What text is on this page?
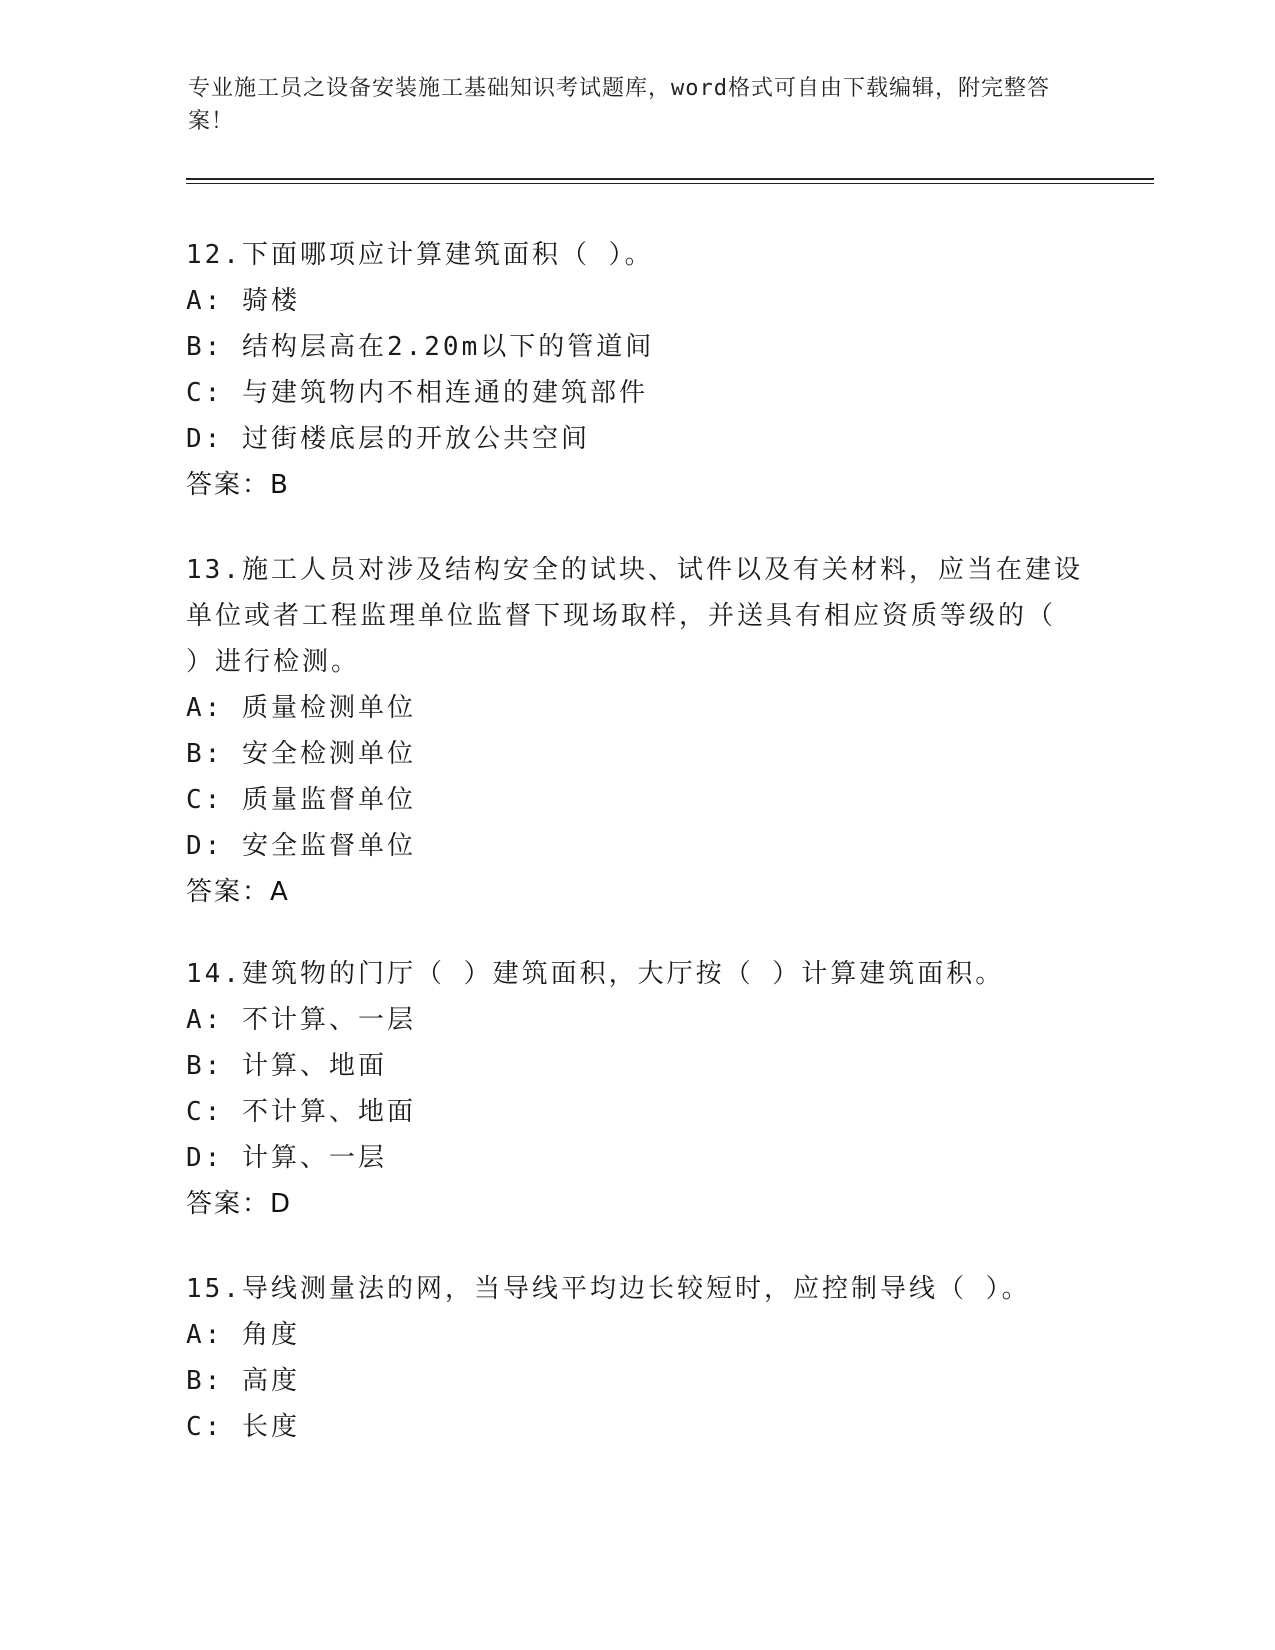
专业施工员之设备安装施工基础知识考试题库，word格式可自由下载编辑，附完整答案！

12.下面哪项应计算建筑面积（ ）。

A: 骑楼

B: 结构层高在2.20m以下的管道间

C: 与建筑物内不相连通的建筑部件

D: 过街楼底层的开放公共空间

答案：B

13.施工人员对涉及结构安全的试块、试件以及有关材料，应当在建设单位或者工程监理单位监督下现场取样，并送具有相应资质等级的（ ）进行检测。

A: 质量检测单位

B: 安全检测单位

C: 质量监督单位

D: 安全监督单位

答案：A

14.建筑物的门厅（ ）建筑面积，大厅按（ ）计算建筑面积。

A: 不计算、一层

B: 计算、地面

C: 不计算、地面

D: 计算、一层

答案：D

15.导线测量法的网，当导线平均边长较短时，应控制导线（ ）。

A: 角度

B: 高度

C: 长度
